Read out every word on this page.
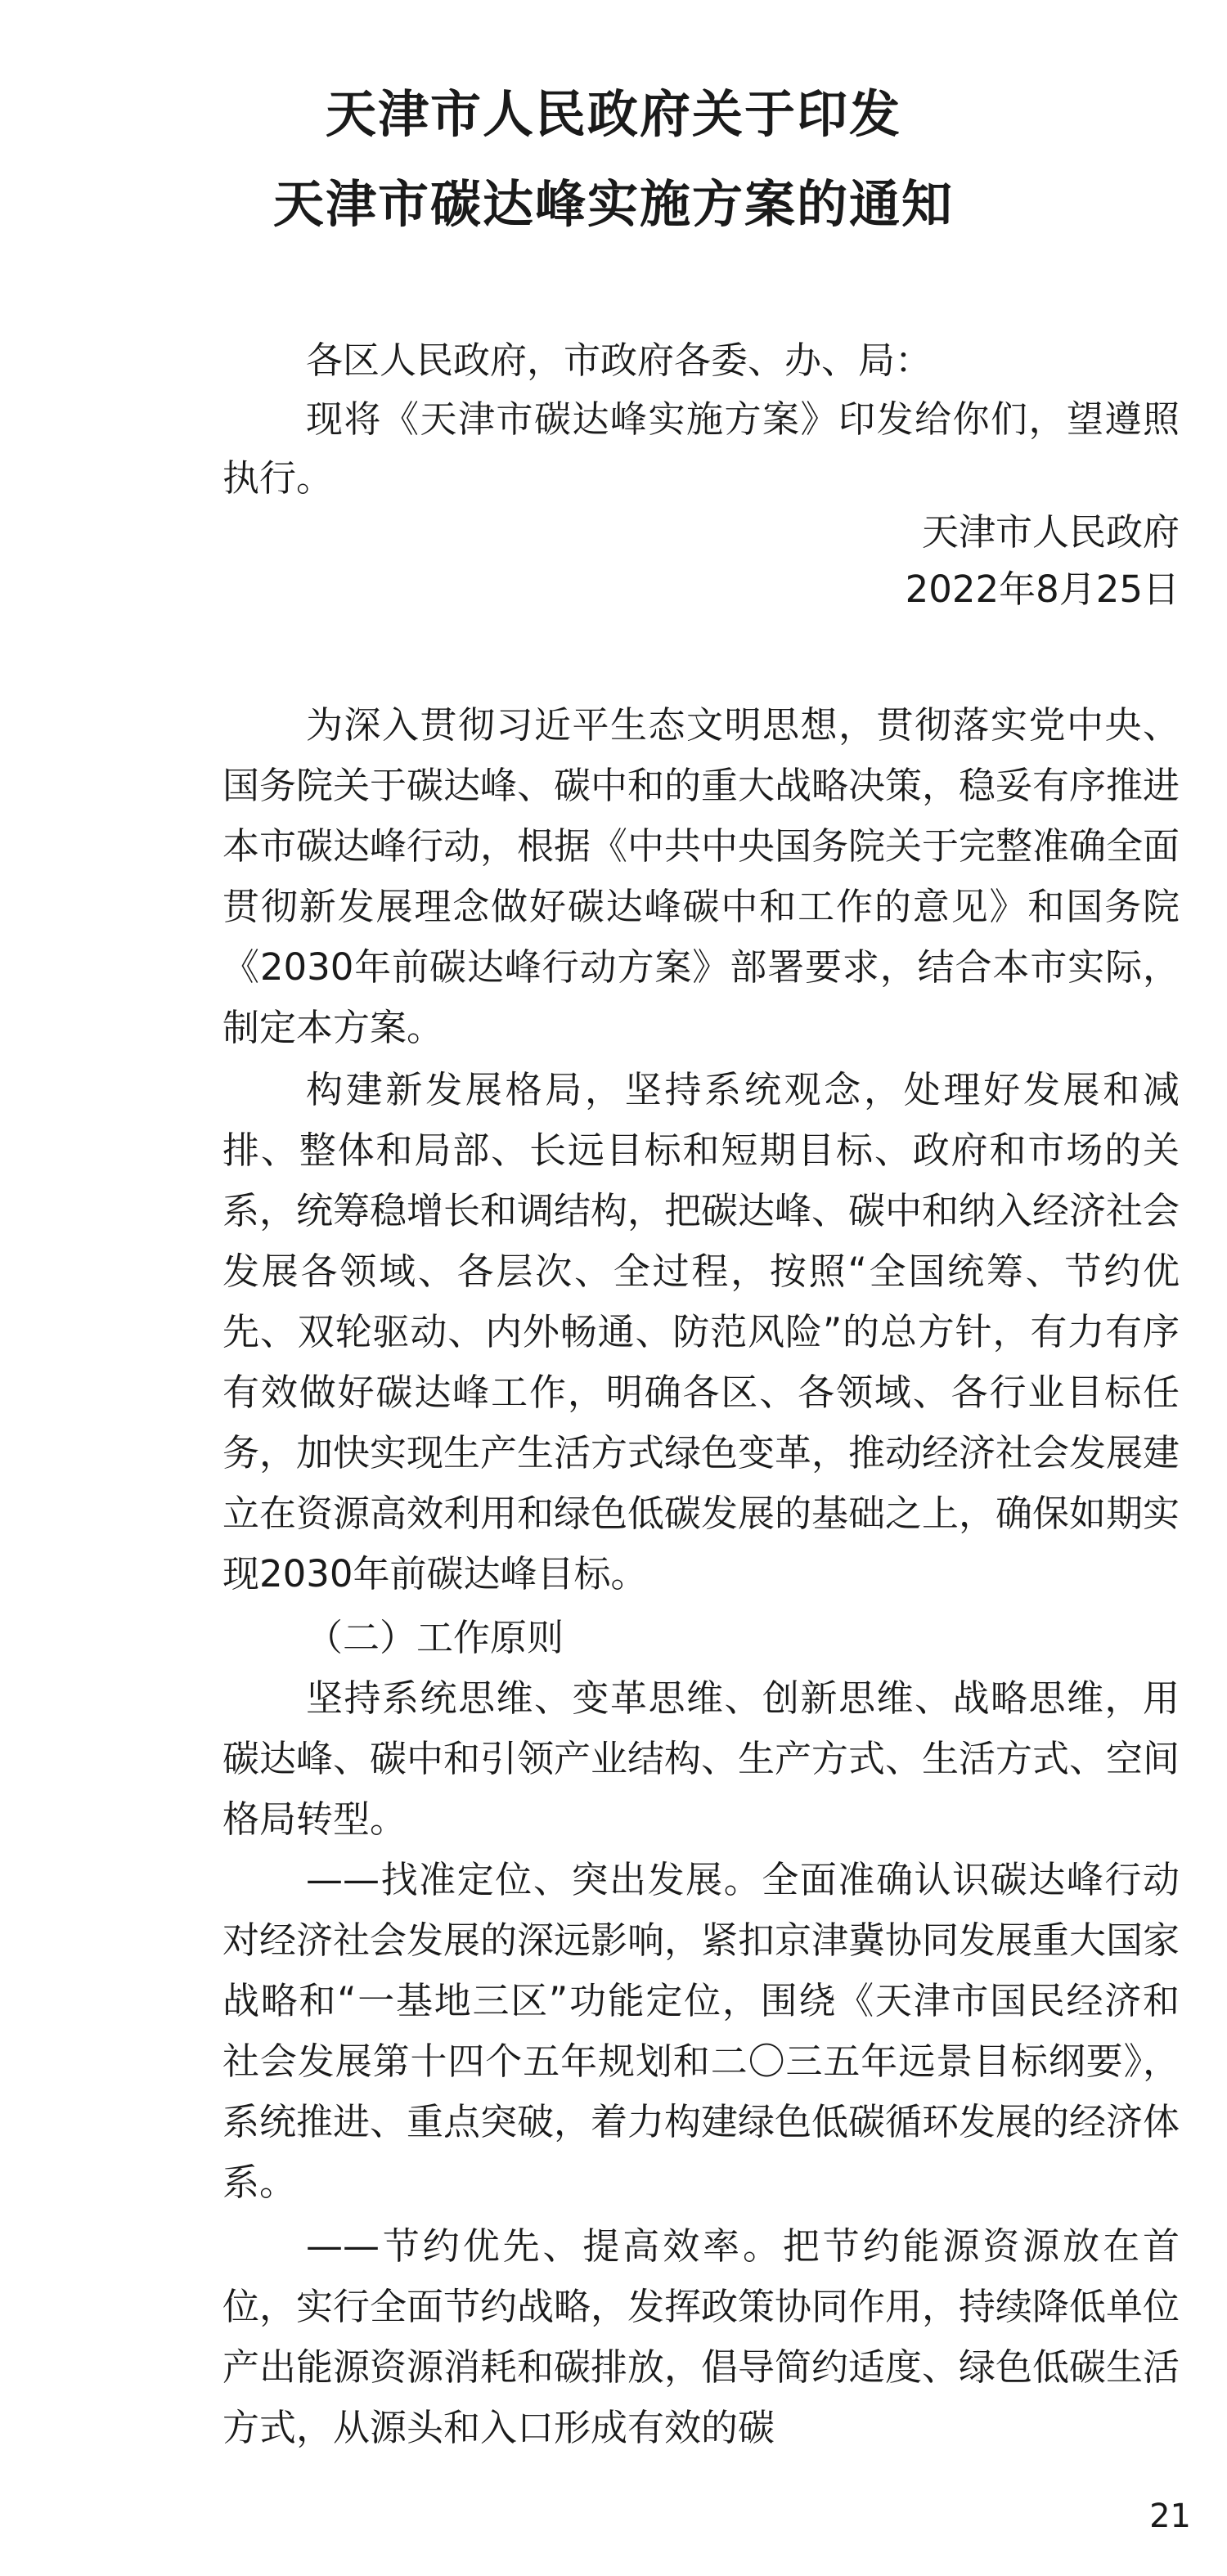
天津市人民政府关于印发
天津市碳达峰实施方案的通知
各区人民政府，市政府各委、办、局：
现将《天津市碳达峰实施方案》印发给你们，望遵照执行。
天津市人民政府
2022年8月25日
为深入贯彻习近平生态文明思想，贯彻落实党中央、国务院关于碳达峰、碳中和的重大战略决策，稳妥有序推进本市碳达峰行动，根据《中共中央国务院关于完整准确全面贯彻新发展理念做好碳达峰碳中和工作的意见》和国务院《2030年前碳达峰行动方案》部署要求，结合本市实际，制定本方案。
构建新发展格局，坚持系统观念，处理好发展和减排、整体和局部、长远目标和短期目标、政府和市场的关系，统筹稳增长和调结构，把碳达峰、碳中和纳入经济社会发展各领域、各层次、全过程，按照“全国统筹、节约优先、双轮驱动、内外畅通、防范风险”的总方针，有力有序有效做好碳达峰工作，明确各区、各领域、各行业目标任务，加快实现生产生活方式绿色变革，推动经济社会发展建立在资源高效利用和绿色低碳发展的基础之上，确保如期实现2030年前碳达峰目标。
（二）工作原则
坚持系统思维、变革思维、创新思维、战略思维，用碳达峰、碳中和引领产业结构、生产方式、生活方式、空间格局转型。
——找准定位、突出发展。全面准确认识碳达峰行动对经济社会发展的深远影响，紧扣京津冀协同发展重大国家战略和“一基地三区”功能定位，围绕《天津市国民经济和社会发展第十四个五年规划和二〇三五年远景目标纲要》，系统推进、重点突破，着力构建绿色低碳循环发展的经济体系。
——节约优先、提高效率。把节约能源资源放在首位，实行全面节约战略，发挥政策协同作用，持续降低单位产出能源资源消耗和碳排放，倡导简约适度、绿色低碳生活方式，从源头和入口形成有效的碳
21
